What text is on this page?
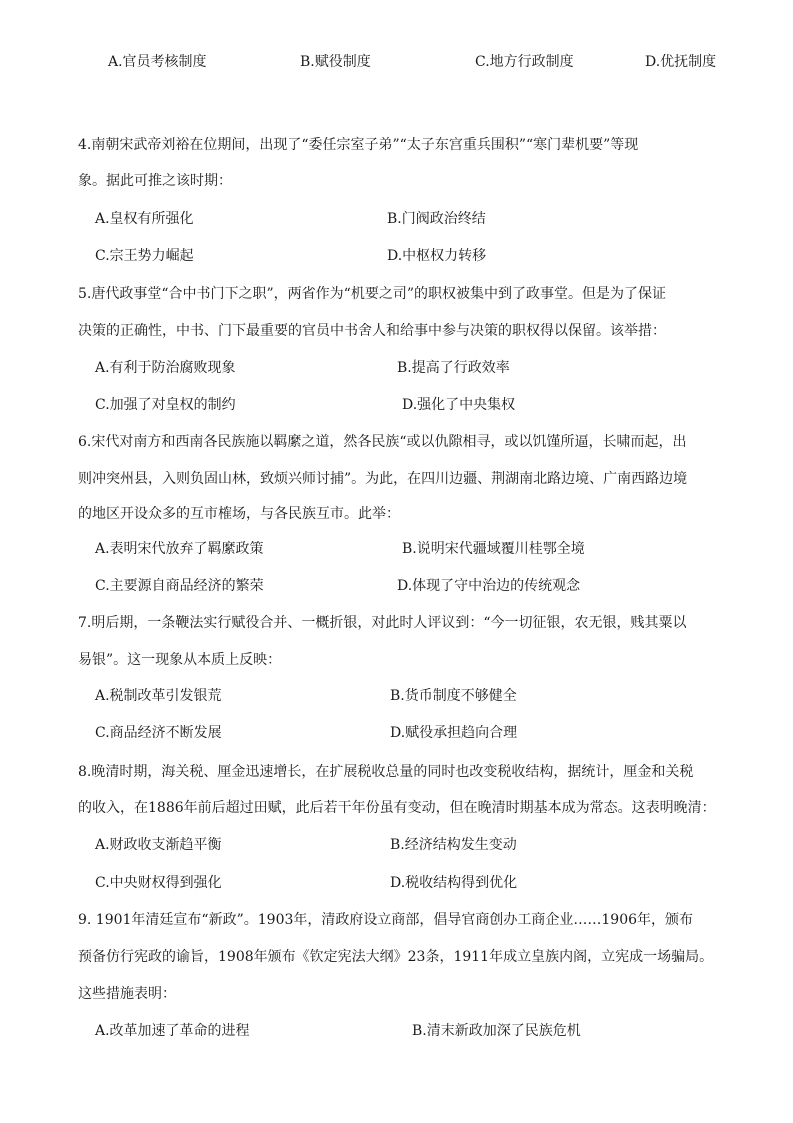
A.官员考核制度	B.赋役制度	C.地方行政制度	D.优抚制度
4.南朝宋武帝刘裕在位期间，出现了“委任宗室子弟”“太子东宫重兵围积”“寒门辈机要”等现
象。据此可推之该时期：
A.皇权有所强化	B.门阀政治终结
C.宗王势力崛起	D.中枢权力转移
5.唐代政事堂“合中书门下之职”，两省作为“机要之司”的职权被集中到了政事堂。但是为了保证
决策的正确性，中书、门下最重要的官员中书舍人和给事中参与决策的职权得以保留。该举措：
A.有利于防治腐败现象	B.提高了行政效率
C.加强了对皇权的制约	D.强化了中央集权
6.宋代对南方和西南各民族施以羁縻之道，然各民族“或以仇隙相寻，或以饥馑所逼，长啸而起，出
则冲突州县，入则负固山林，致烦兴师讨捕”。为此，在四川边疆、荆湖南北路边境、广南西路边境
的地区开设众多的互市榷场，与各民族互市。此举：
A.表明宋代放弃了羁縻政策	B.说明宋代疆域覆川桂鄂全境
C.主要源自商品经济的繁荣	D.体现了守中治边的传统观念
7.明后期，一条鞭法实行赋役合并、一概折银，对此时人评议到：“今一切征银，农无银，贱其粟以
易银”。这一现象从本质上反映：
A.税制改革引发银荒	B.货币制度不够健全
C.商品经济不断发展	D.赋役承担趋向合理
8.晚清时期，海关税、厘金迅速增长，在扩展税收总量的同时也改变税收结构，据统计，厘金和关税
的收入，在1886年前后超过田赋，此后若干年份虽有变动，但在晚清时期基本成为常态。这表明晚清：
A.财政收支渐趋平衡	B.经济结构发生变动
C.中央财权得到强化	D.税收结构得到优化
9. 1901年清廷宣布“新政”。1903年，清政府设立商部，倡导官商创办工商企业……1906年，颁布
预备仿行宪政的谕旨，1908年颁布《钦定宪法大纲》23条，1911年成立皇族内阁，立宪成一场骗局。
这些措施表明：
A.改革加速了革命的进程	B.清末新政加深了民族危机
